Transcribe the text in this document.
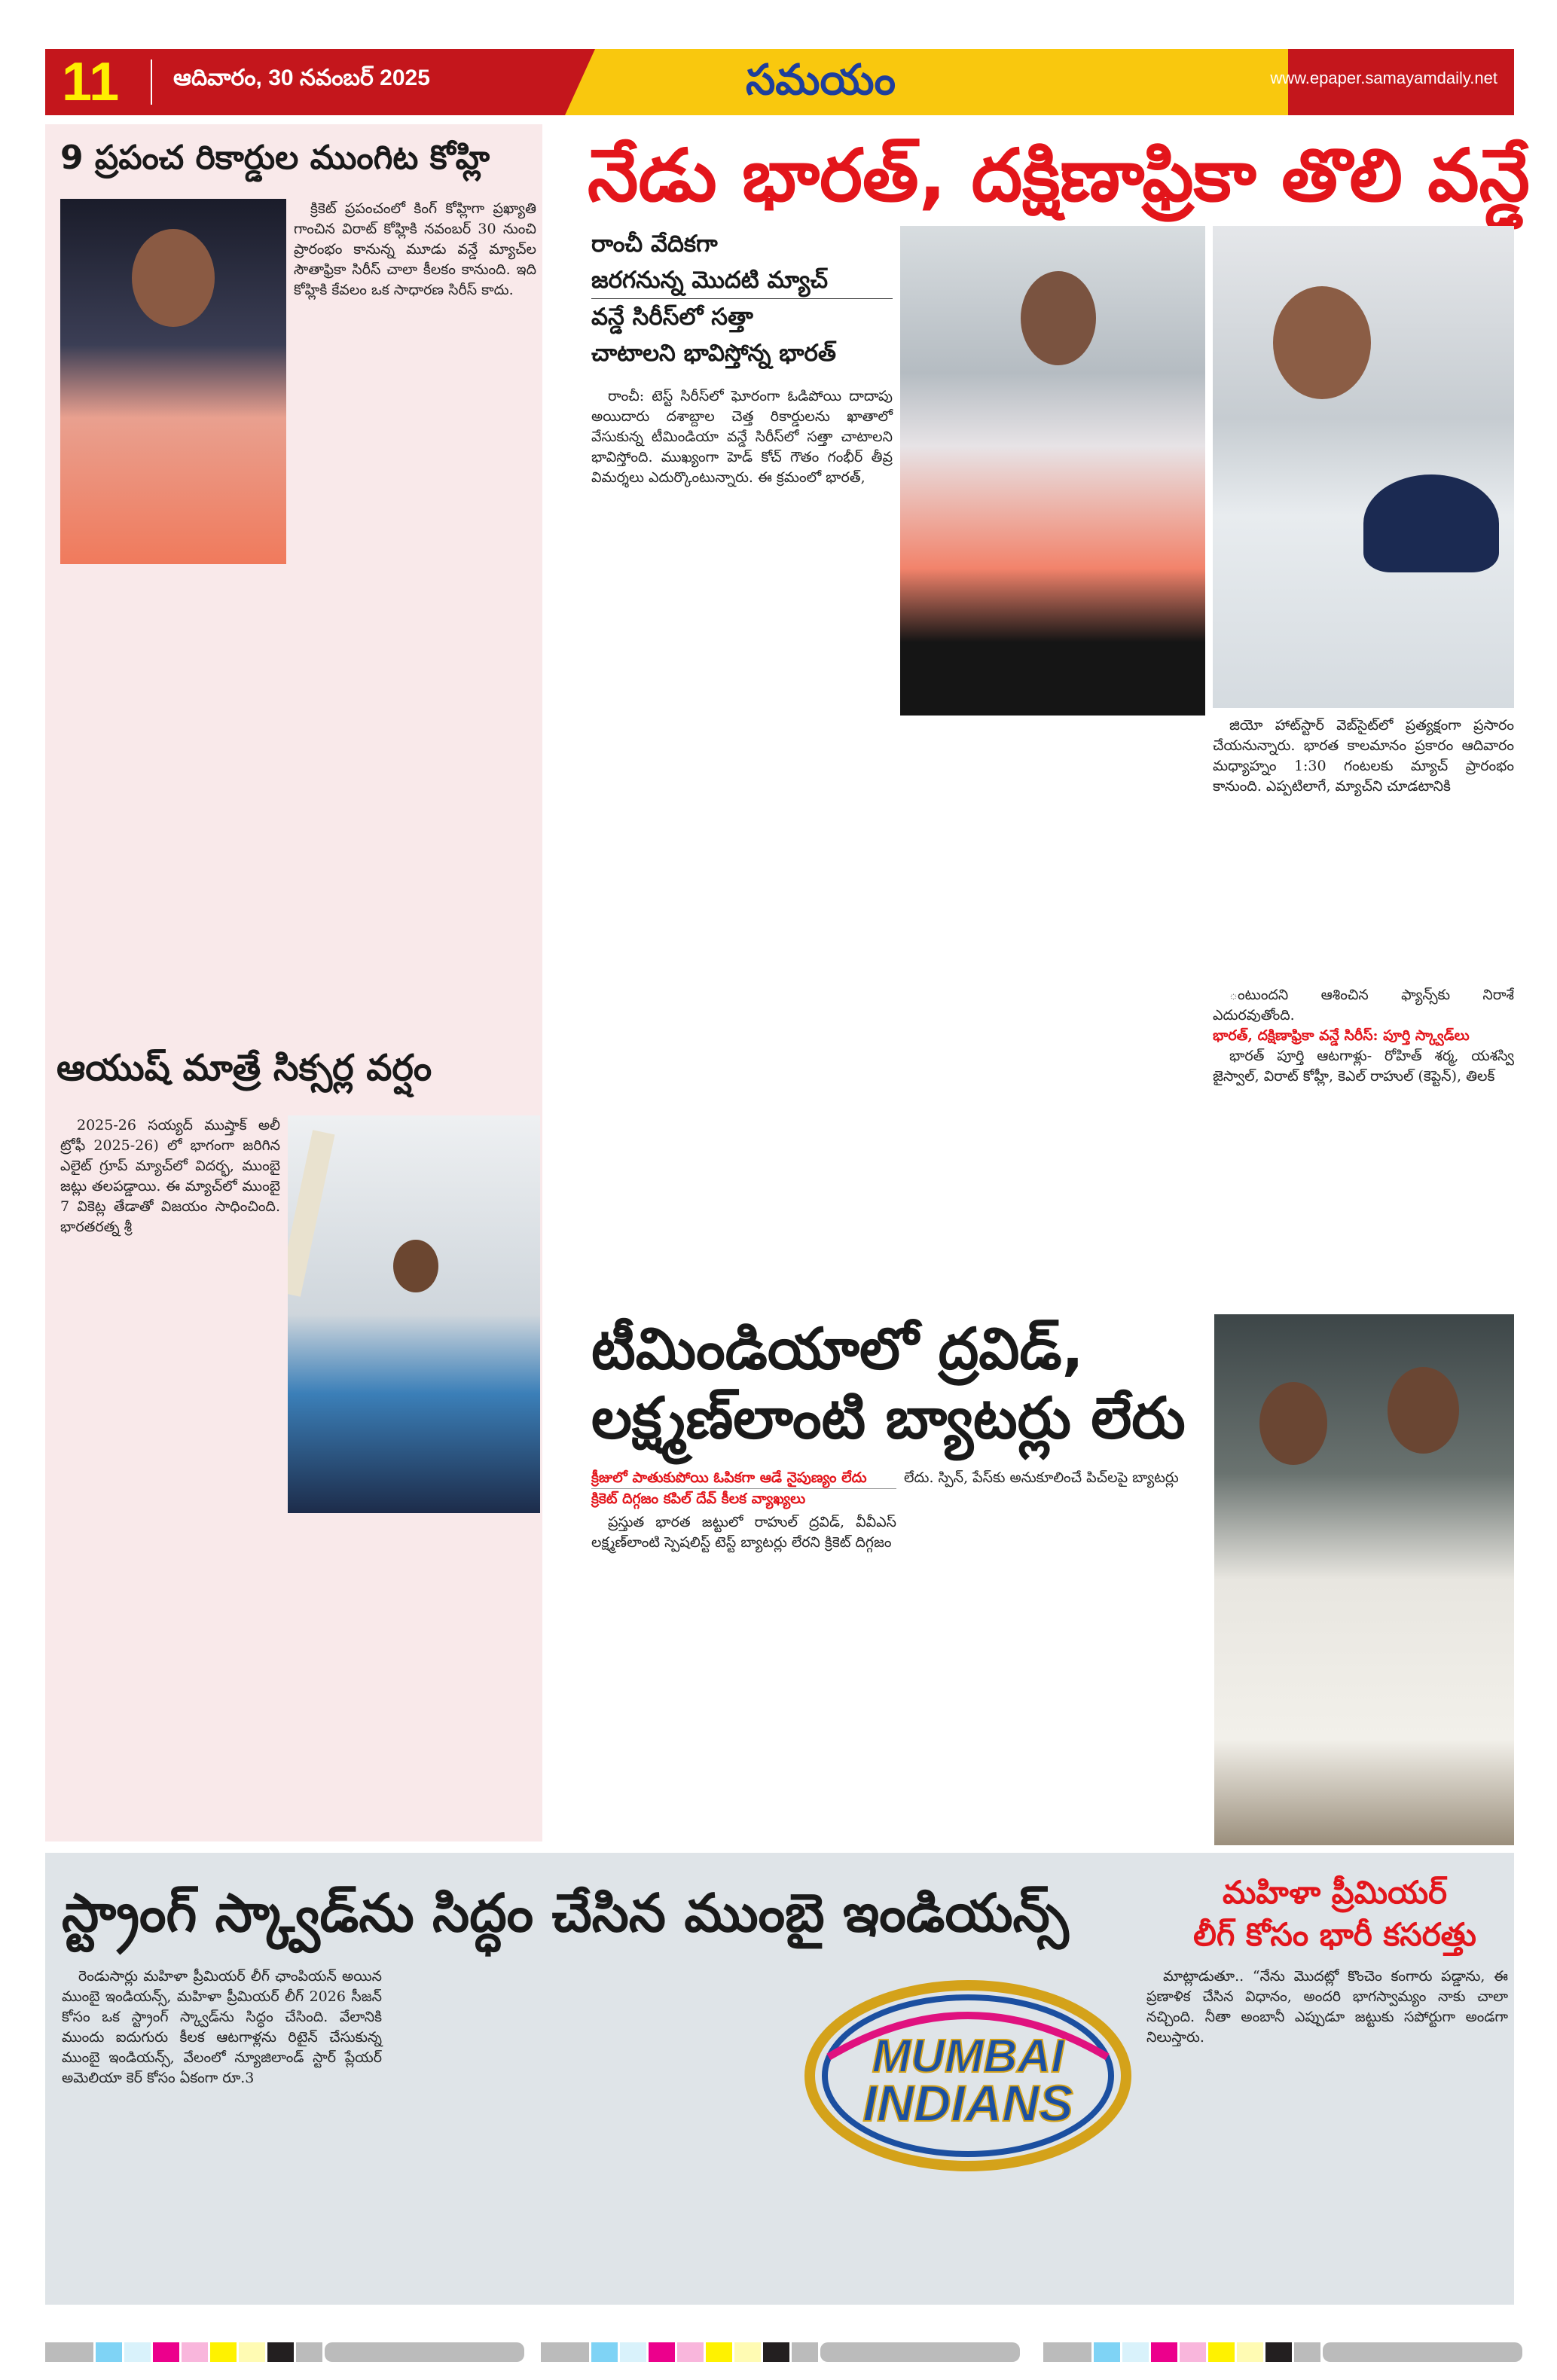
11 ఆదివారం, 30 నవంబర్ 2025	సమయం	www.epaper.samayamdaily.net
9 ప్రపంచ రికార్డుల ముంగిట కోహ్లి

క్రికెట్ ప్రపంచంలో కింగ్ కోహ్లిగా ప్రఖ్యాతి గాంచిన విరాట్ కోహ్లికి నవంబర్ 30 నుంచి ప్రారంభం కానున్న మూడు వన్డే మ్యాచ్‌ల సౌతాఫ్రికా సిరీస్ చాలా కీలకం కానుంది. ఇది కోహ్లికి కేవలం ఒక సాధారణ సిరీస్ కాదు.

ఆయుష్ మాత్రే సిక్సర్ల వర్షం

2025-26 సయ్యద్ ముష్తాక్ అలీ ట్రోఫీ 2025-26) లో భాగంగా జరిగిన ఎలైట్ గ్రూప్ మ్యాచ్‌లో విదర్భ, ముంబై జట్లు తలపడ్డాయి. ఈ మ్యాచ్‌లో ముంబై 7 వికెట్ల తేడాతో విజయం సాధించింది. భారతరత్న శ్రీ

నేడు భారత్, దక్షిణాఫ్రికా తొలి వన్డే
రాంచీ వేదికగా
జరగనున్న మొదటి మ్యాచ్
వన్డే సిరీస్‌లో సత్తా
చాటాలని భావిస్తోన్న భారత్

రాంచీ: టెస్ట్ సిరీస్‌లో ఘోరంగా ఓడిపోయి దాదాపు అయిదారు దశాబ్దాల చెత్త రికార్డులను ఖాతాలో వేసుకున్న టీమిండియా వన్డే సిరీస్‌లో సత్తా చాటాలని భావిస్తోంది. ముఖ్యంగా హెడ్ కోచ్ గౌతం గంభీర్ తీవ్ర విమర్శలు ఎదుర్కొంటున్నారు. ఈ క్రమంలో భారత్,

జియో హాట్‌స్టార్ వెబ్‌సైట్‌లో ప్రత్యక్షంగా ప్రసారం చేయనున్నారు. భారత కాలమానం ప్రకారం ఆదివారం మధ్యాహ్నం 1:30 గంటలకు మ్యాచ్ ప్రారంభం కానుంది. ఎప్పటిలాగే, మ్యాచ్‌ని చూడటానికి

ంటుందని ఆశించిన ఫ్యాన్స్‌కు నిరాశే ఎదురవుతోంది.

భారత్, దక్షిణాఫ్రికా వన్డే సిరీస్: పూర్తి స్క్వాడ్‌లు

భారత్ పూర్తి ఆటగాళ్లు- రోహిత్ శర్మ, యశస్వి జైస్వాల్, విరాట్ కోహ్లీ, కెఎల్ రాహుల్ (కెప్టెన్), తిలక్

టీమిండియాలో ద్రవిడ్,
లక్ష్మణ్‌లాంటి బ్యాటర్లు లేరు
క్రీజులో పాతుకుపోయి ఓపికగా ఆడే నైపుణ్యం లేదు
క్రికెట్ దిగ్గజం కపిల్ దేవ్ కీలక వ్యాఖ్యలు

ప్రస్తుత భారత జట్టులో రాహుల్ ద్రవిడ్, వీవీఎస్ లక్ష్మణ్‌లాంటి స్పెషలిస్ట్ టెస్ట్ బ్యాటర్లు లేరని క్రికెట్ దిగ్గజం

లేదు. స్పిన్, పేస్‌కు అనుకూలించే పిచ్‌లపై బ్యాటర్లు
స్ట్రాంగ్ స్క్వాడ్‌ను సిద్ధం చేసిన ముంబై ఇండియన్స్	మహిళా ప్రీమియర్
లీగ్ కోసం భారీ కసరత్తు

రెండుసార్లు మహిళా ప్రీమియర్ లీగ్ ఛాంపియన్ అయిన ముంబై ఇండియన్స్, మహిళా ప్రీమియర్ లీగ్ 2026 సీజన్ కోసం ఒక స్ట్రాంగ్ స్క్వాడ్‌ను సిద్ధం చేసింది. వేలానికి ముందు ఐదుగురు కీలక ఆటగాళ్లను రిటైన్ చేసుకున్న ముంబై ఇండియన్స్, వేలంలో న్యూజిలాండ్ స్టార్ ప్లేయర్ అమెలియా కెర్ కోసం ఏకంగా రూ.3	MUMBAI
INDIANS

మాట్లాడుతూ.. “నేను మొదట్లో కొంచెం కంగారు పడ్డాను, ఈ ప్రణాళిక చేసిన విధానం, అందరి భాగస్వామ్యం నాకు చాలా నచ్చింది. నీతా అంబానీ ఎప్పుడూ జట్టుకు సపోర్టుగా అండగా నిలుస్తారు.
